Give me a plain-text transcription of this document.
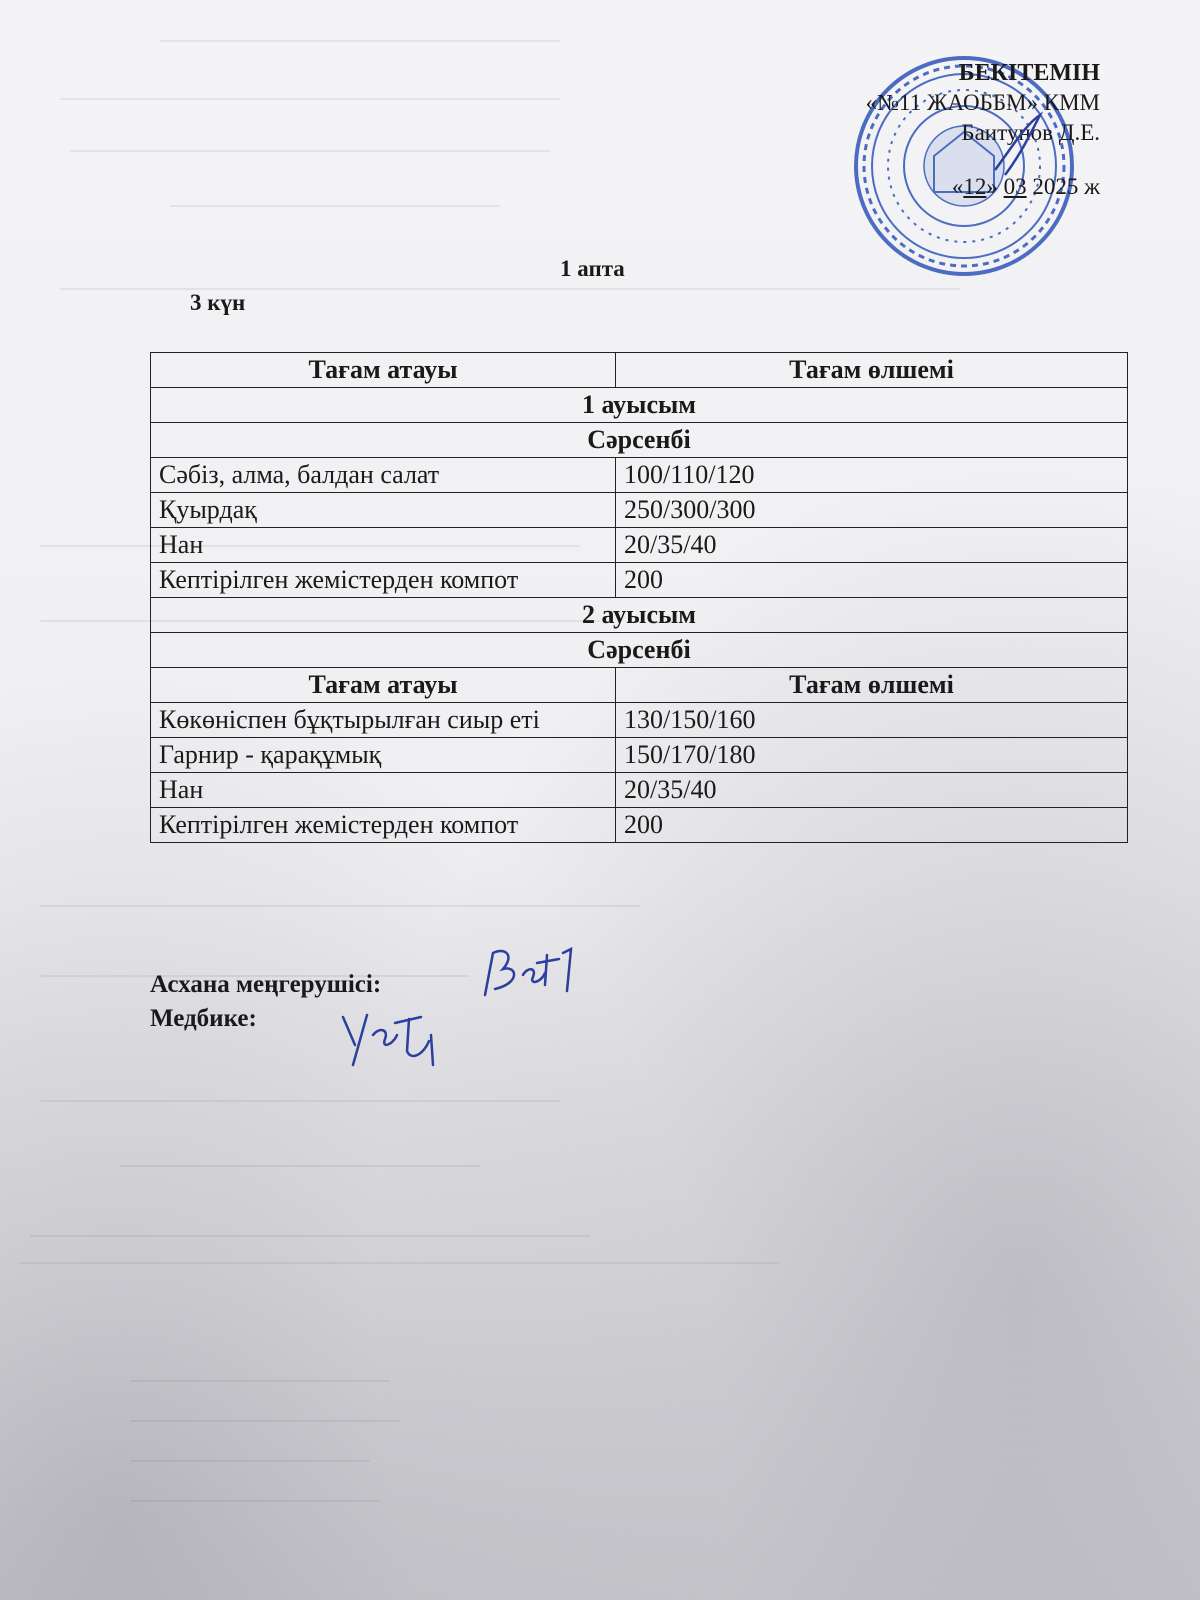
БЕКІТЕМІН
«№11 ЖАОББМ» КММ
Баитунов Д.Е.
«12» 03 2025 ж
1 апта
3 күн
Тағам атауы	Тағам өлшемі
1 ауысым	
Сәрсенбі	
Сәбіз, алма, балдан салат	100/110/120
Қуырдақ	250/300/300
Нан	20/35/40
Кептірілген жемістерден компот	200
2 ауысым	
Сәрсенбі	
Тағам атауы	Тағам өлшемі
Көкөніспен бұқтырылған сиыр еті	130/150/160
Гарнир - қарақұмық	150/170/180
Нан	20/35/40
Кептірілген жемістерден компот	200
Асхана меңгерушісі:
Медбике:
